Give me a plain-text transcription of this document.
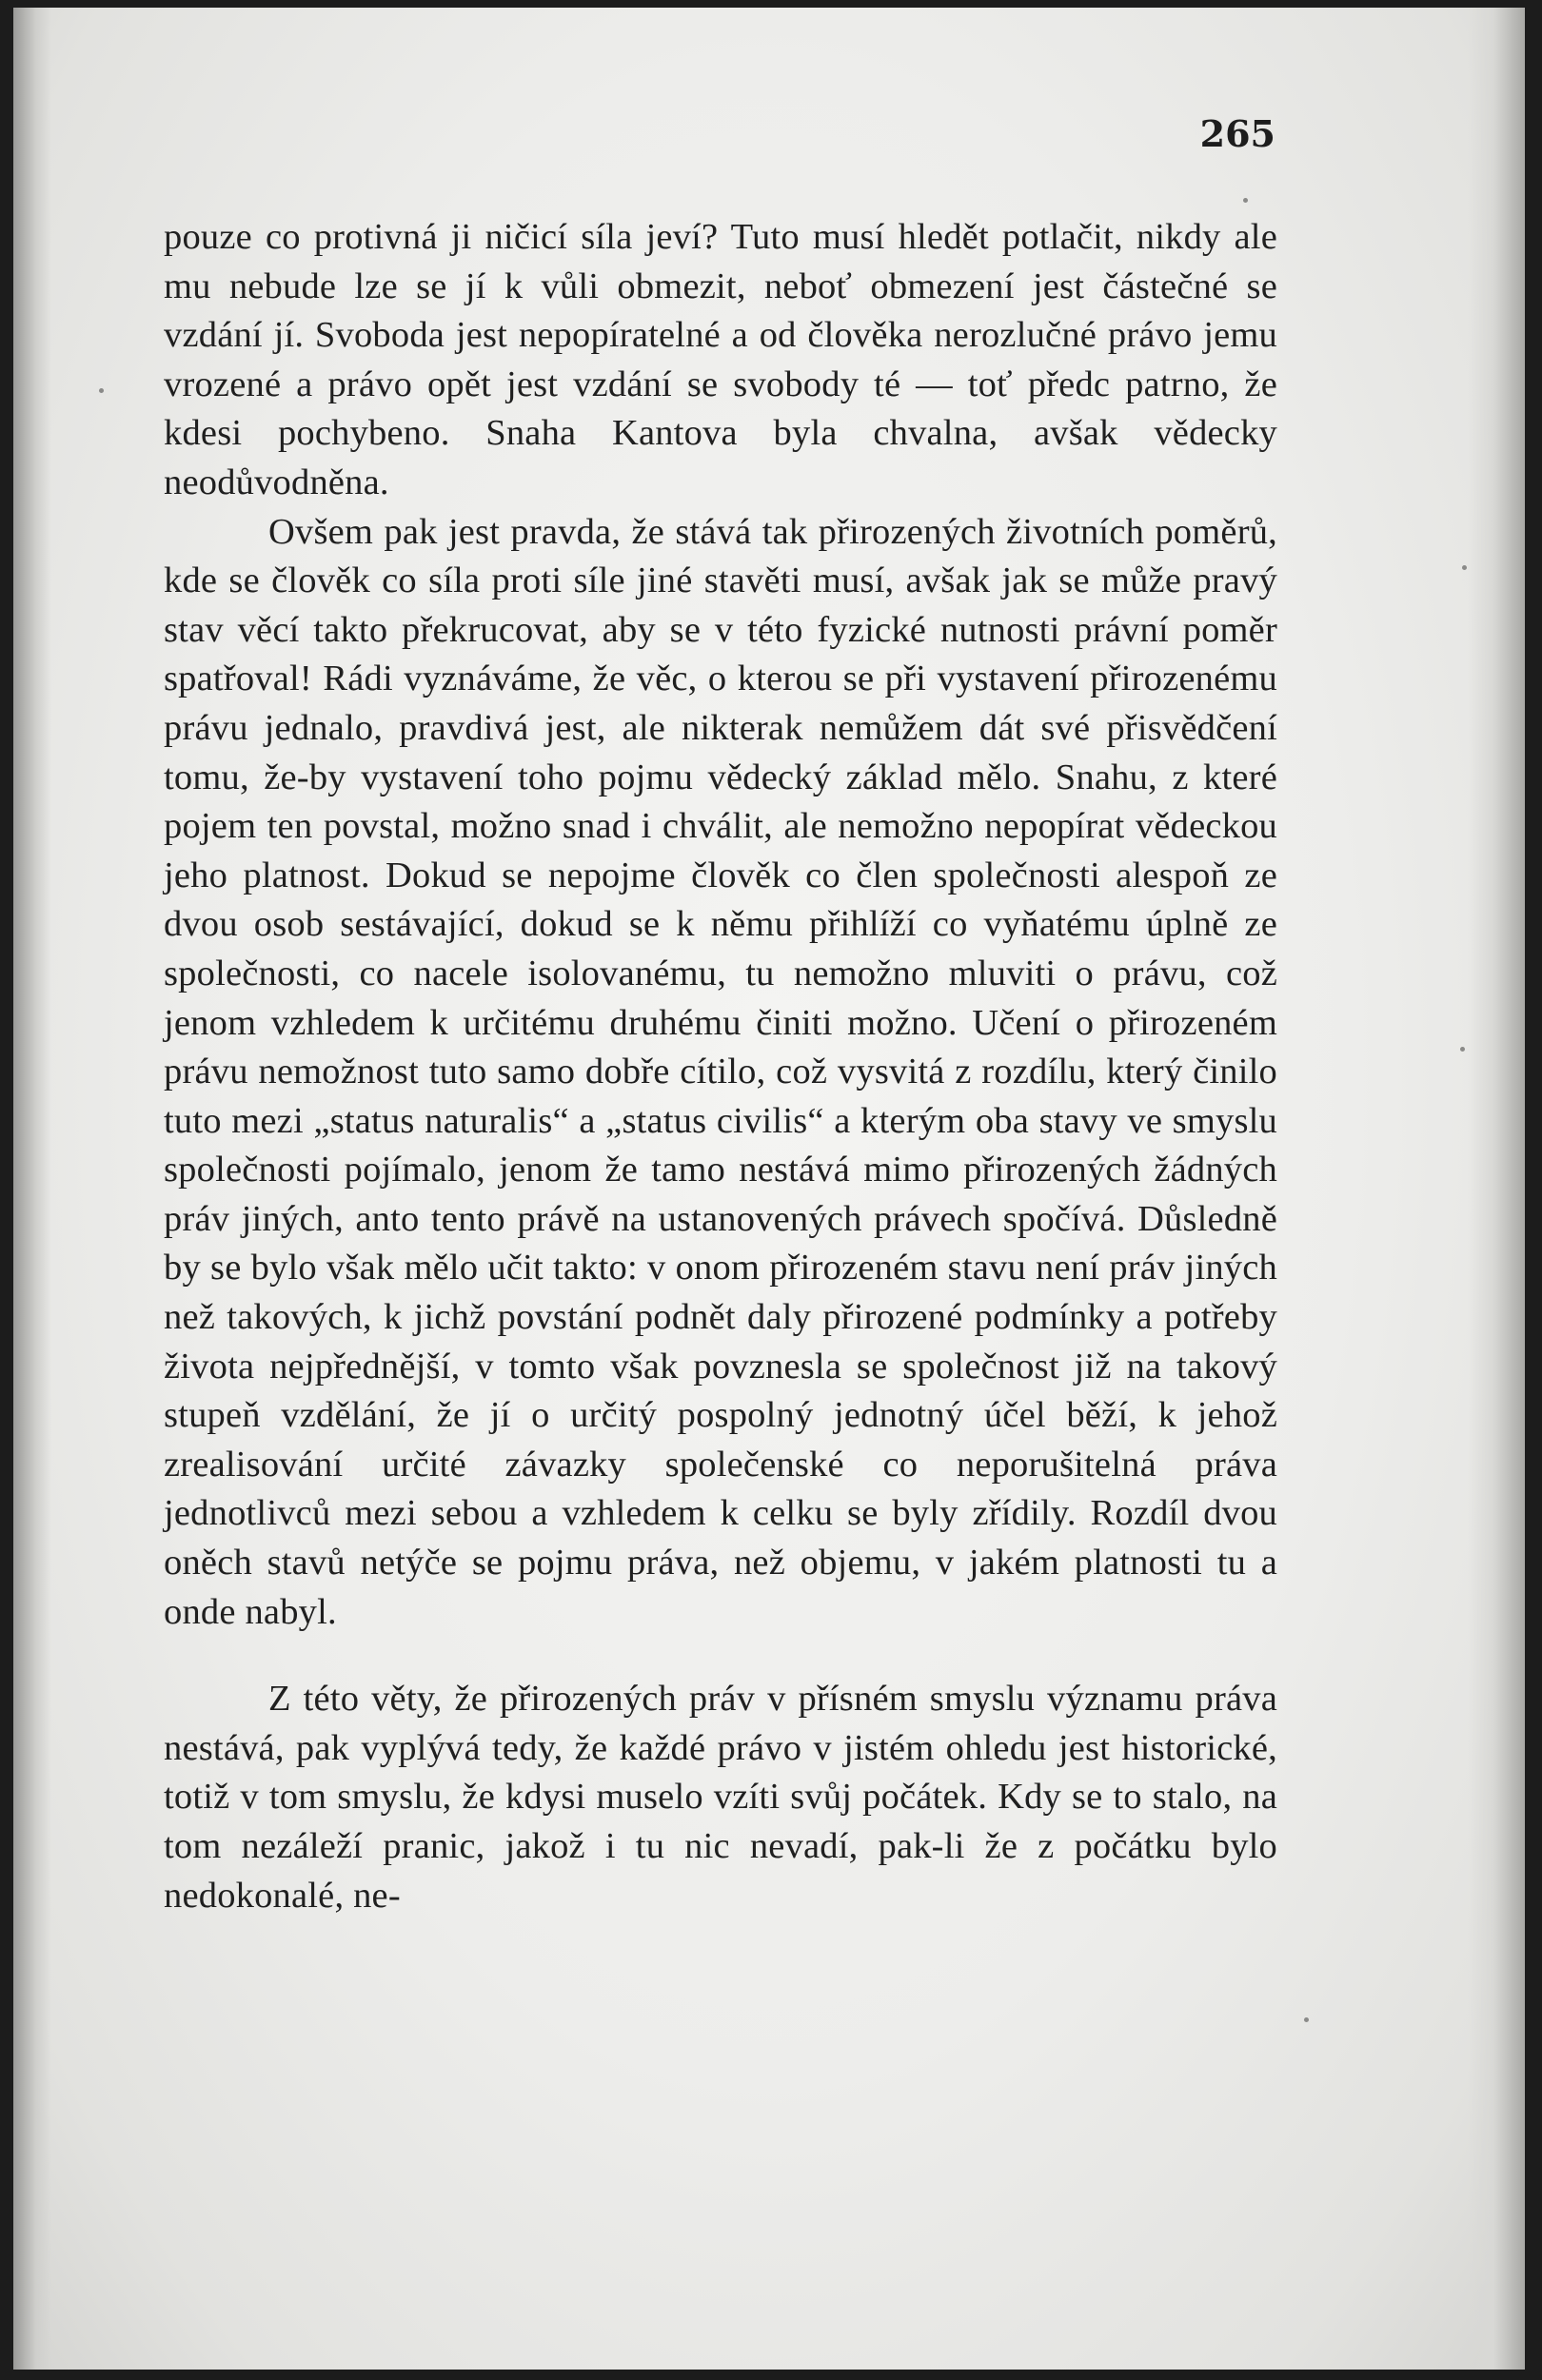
265

pouze co protivná ji ničicí síla jeví? Tuto musí hledět potlačit, nikdy ale mu nebude lze se jí k vůli obmezit, neboť obmezení jest částečné se vzdání jí. Svoboda jest nepopíratelné a od člověka nerozlučné právo jemu vrozené a právo opět jest vzdání se svobody té — toť předc patrno, že kdesi pochybeno. Snaha Kantova byla chvalna, avšak vědecky neodůvodněna.

Ovšem pak jest pravda, že stává tak přirozených životních poměrů, kde se člověk co síla proti síle jiné stavěti musí, avšak jak se může pravý stav věcí takto překrucovat, aby se v této fyzické nutnosti právní poměr spatřoval! Rádi vyznáváme, že věc, o kterou se při vystavení přirozenému právu jednalo, pravdivá jest, ale nikterak nemůžem dát své přisvědčení tomu, že-by vystavení toho pojmu vědecký základ mělo. Snahu, z které pojem ten povstal, možno snad i chválit, ale nemožno nepopírat vědeckou jeho platnost. Dokud se nepojme člověk co člen společnosti alespoň ze dvou osob sestávající, dokud se k němu přihlíží co vyňatému úplně ze společnosti, co nacele isolovanému, tu nemožno mluviti o právu, což jenom vzhledem k určitému druhému činiti možno. Učení o přirozeném právu nemožnost tuto samo dobře cítilo, což vysvitá z rozdílu, který činilo tuto mezi „status naturalis“ a „status civilis“ a kterým oba stavy ve smyslu společnosti pojímalo, jenom že tamo nestává mimo přirozených žádných práv jiných, anto tento právě na ustanovených právech spočívá. Důsledně by se bylo však mělo učit takto: v onom přirozeném stavu není práv jiných než takových, k jichž povstání podnět daly přirozené podmínky a potřeby života nejpřednější, v tomto však povznesla se společnost již na takový stupeň vzdělání, že jí o určitý pospolný jednotný účel běží, k jehož zrealisování určité závazky společenské co neporušitelná práva jednotlivců mezi sebou a vzhledem k celku se byly zřídily. Rozdíl dvou oněch stavů netýče se pojmu práva, než objemu, v jakém platnosti tu a onde nabyl.

Z této věty, že přirozených práv v přísném smyslu významu práva nestává, pak vyplývá tedy, že každé právo v jistém ohledu jest historické, totiž v tom smyslu, že kdysi muselo vzíti svůj počátek. Kdy se to stalo, na tom nezáleží pranic, jakož i tu nic nevadí, pak-li že z počátku bylo nedokonalé, ne-
